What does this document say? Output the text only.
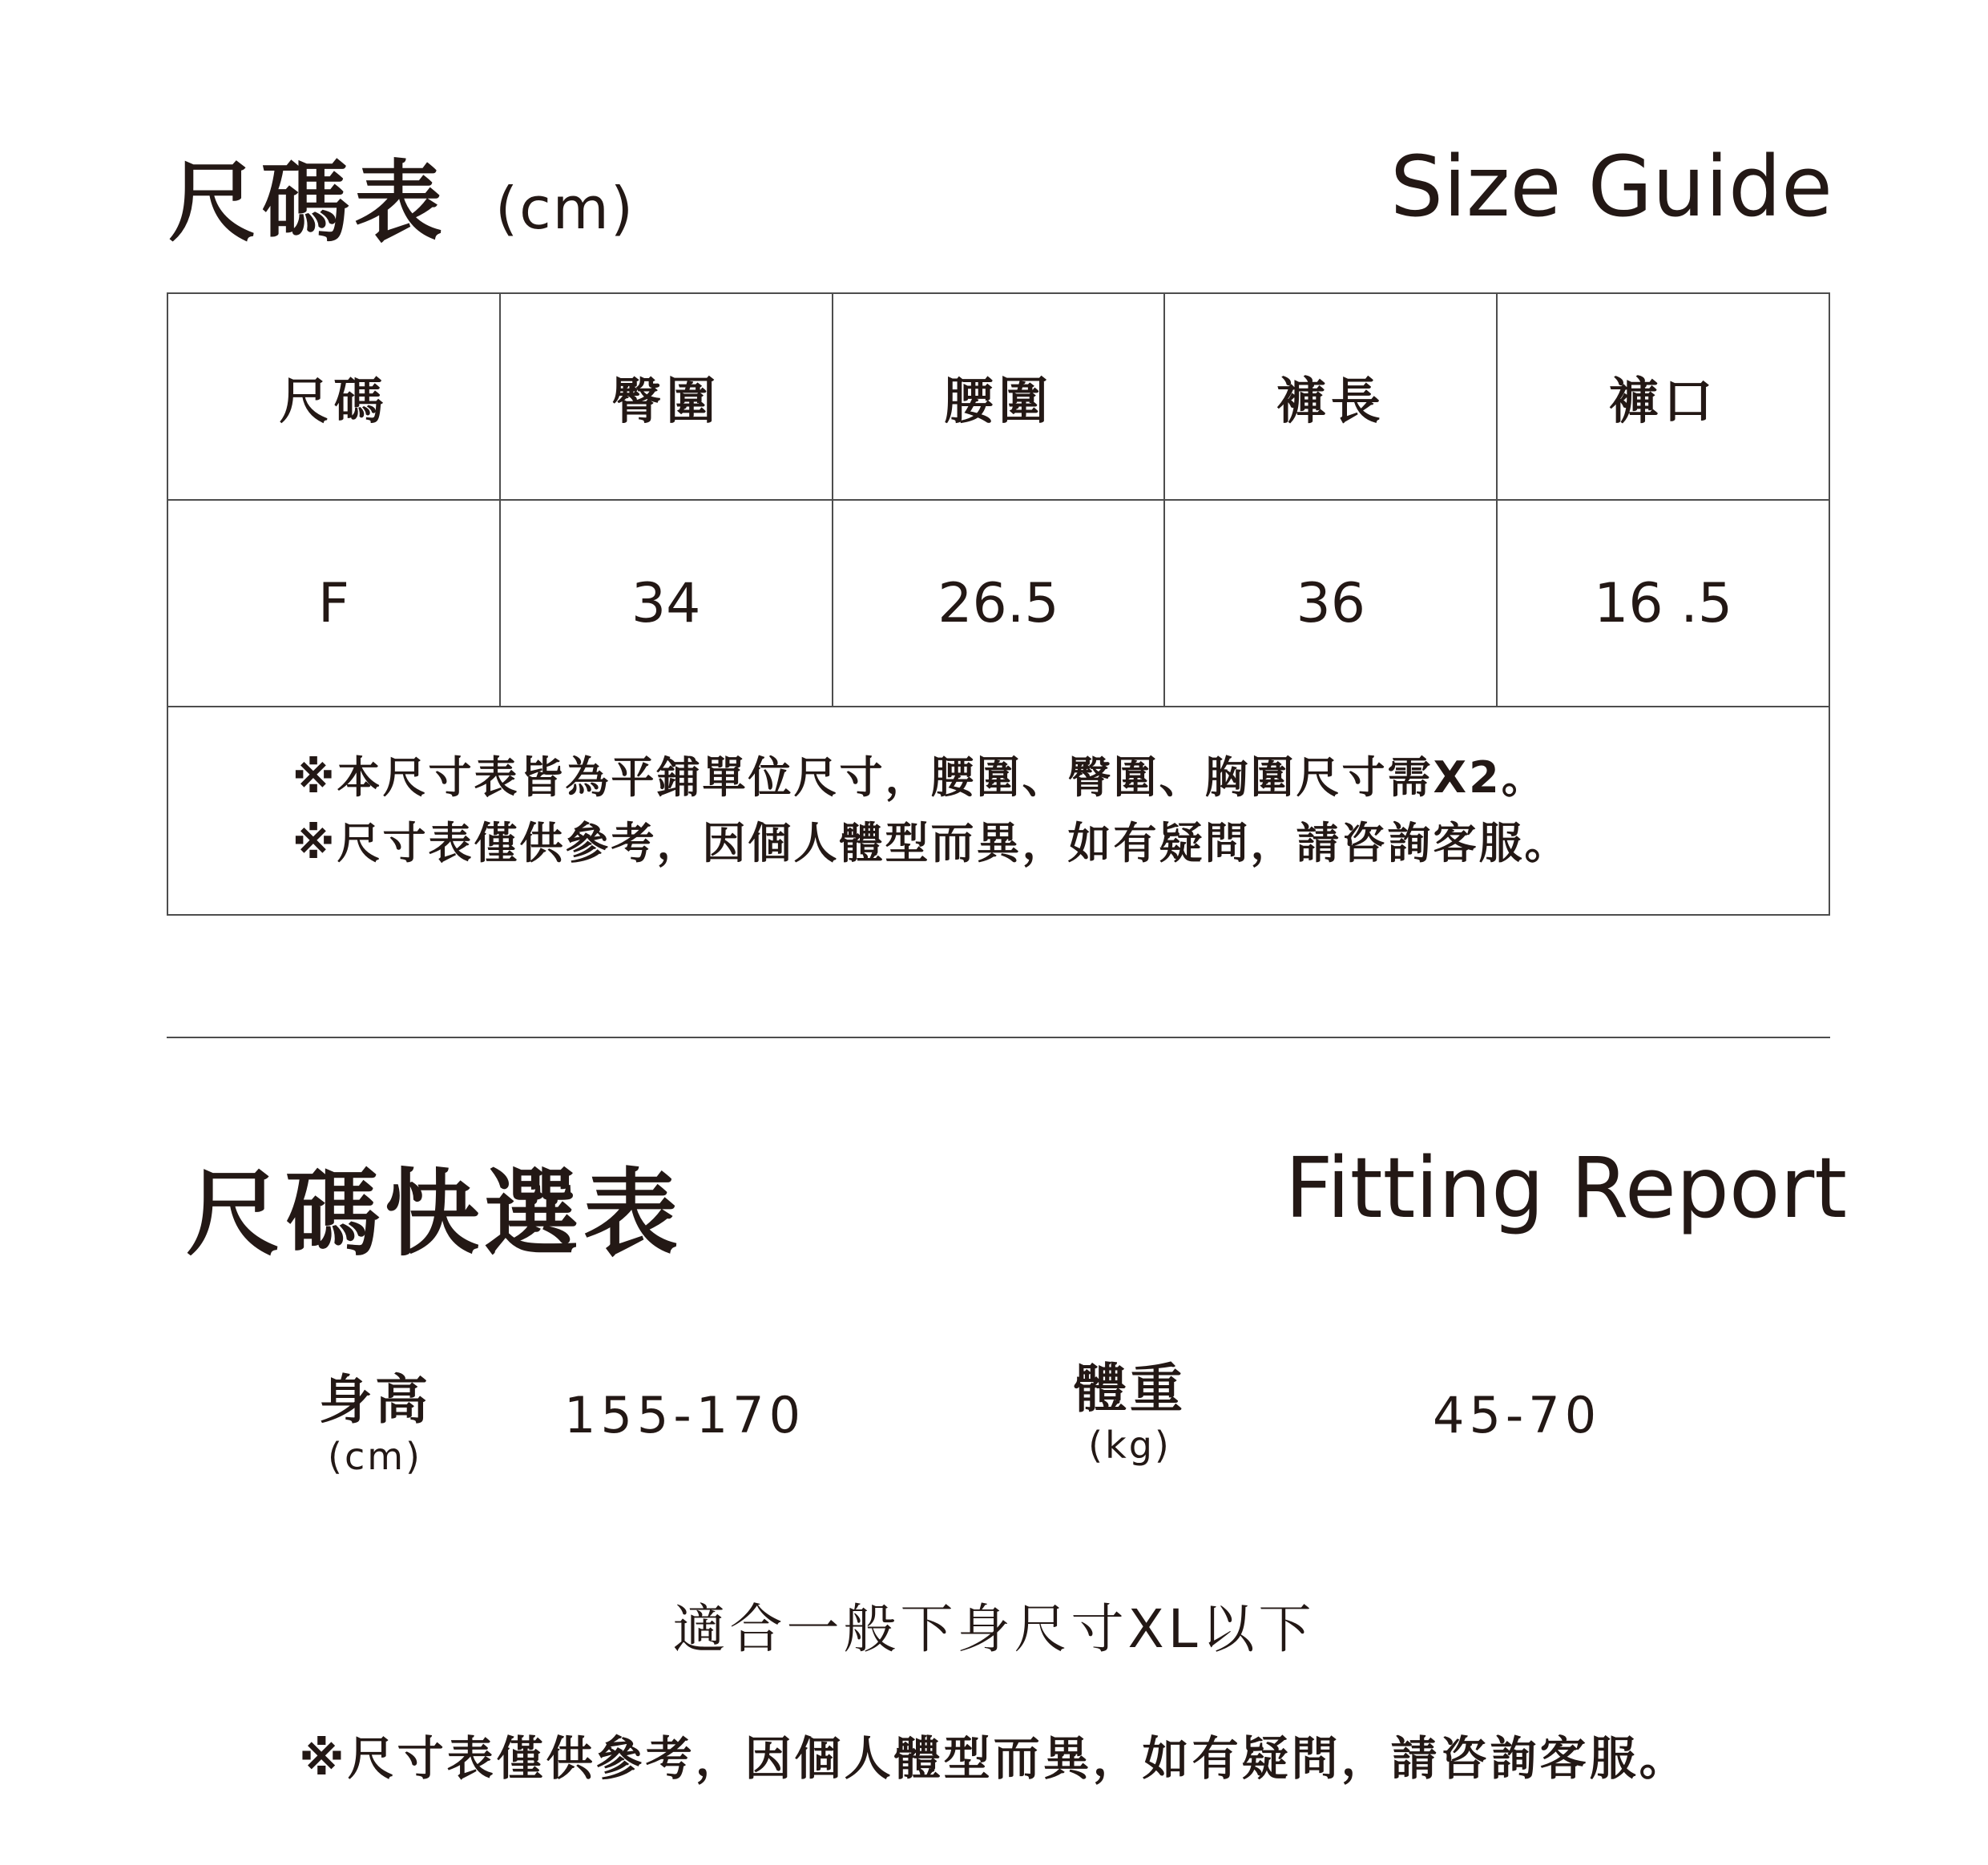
尺碼表 (cm)	Size Guide
尺碼	臀圍	腰圍	褲長	褲口
F	34	26.5	36	16 .5

※本尺寸表皆為平鋪單位尺寸，腰圍、臀圍、胸圍尺寸需X2。
※尺寸表僅供參考，因個人體型而異，如有疑問，請咨詢客服。				
尺碼快選表	Fitting Report
身高
(cm)
155-170	體重
(kg)
45-70
適合一般下身尺寸XL以下
※尺寸表僅供參考，因個人體型而異，如有疑問，請咨詢客服。
